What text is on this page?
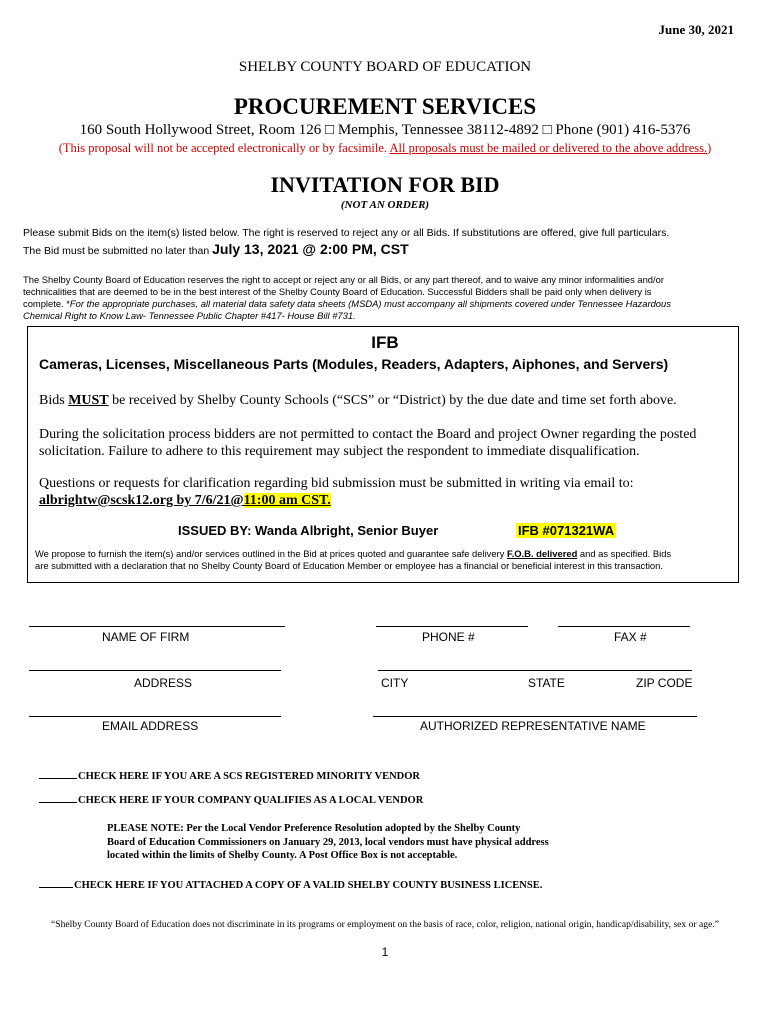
June 30, 2021
SHELBY COUNTY BOARD OF EDUCATION
PROCUREMENT SERVICES
160 South Hollywood Street, Room 126 □ Memphis, Tennessee 38112-4892 □ Phone (901) 416-5376
(This proposal will not be accepted electronically or by facsimile. All proposals must be mailed or delivered to the above address.)
INVITATION FOR BID
(NOT AN ORDER)
Please submit Bids on the item(s) listed below. The right is reserved to reject any or all Bids. If substitutions are offered, give full particulars.
The Bid must be submitted no later than July 13, 2021 @ 2:00 PM, CST
The Shelby County Board of Education reserves the right to accept or reject any or all Bids, or any part thereof, and to waive any minor informalities and/or
technicalities that are deemed to be in the best interest of the Shelby County Board of Education. Successful Bidders shall be paid only when delivery is
complete. *For the appropriate purchases, all material data safety data sheets (MSDA) must accompany all shipments covered under Tennessee Hazardous
Chemical Right to Know Law- Tennessee Public Chapter #417- House Bill #731.
IFB
Cameras, Licenses, Miscellaneous Parts (Modules, Readers, Adapters, Aiphones, and Servers)
Bids MUST be received by Shelby County Schools (“SCS” or “District) by the due date and time set forth above.
During the solicitation process bidders are not permitted to contact the Board and project Owner regarding the posted
solicitation. Failure to adhere to this requirement may subject the respondent to immediate disqualification.
Questions or requests for clarification regarding bid submission must be submitted in writing via email to:
albrightw@scsk12.org by 7/6/21@11:00 am CST.
ISSUED BY: Wanda Albright, Senior Buyer	IFB #071321WA
We propose to furnish the item(s) and/or services outlined in the Bid at prices quoted and guarantee safe delivery F.O.B. delivered and as specified. Bids
are submitted with a declaration that no Shelby County Board of Education Member or employee has a financial or beneficial interest in this transaction.
NAME OF FIRM	PHONE #	FAX #
ADDRESS	CITY	STATE	ZIP CODE
EMAIL ADDRESS	AUTHORIZED REPRESENTATIVE NAME
CHECK HERE IF YOU ARE A SCS REGISTERED MINORITY VENDOR
CHECK HERE IF YOUR COMPANY QUALIFIES AS A LOCAL VENDOR
PLEASE NOTE: Per the Local Vendor Preference Resolution adopted by the Shelby County
Board of Education Commissioners on January 29, 2013, local vendors must have physical address
located within the limits of Shelby County. A Post Office Box is not acceptable.
CHECK HERE IF YOU ATTACHED A COPY OF A VALID SHELBY COUNTY BUSINESS LICENSE.
“Shelby County Board of Education does not discriminate in its programs or employment on the basis of race, color, religion, national origin, handicap/disability, sex or age.”
1
